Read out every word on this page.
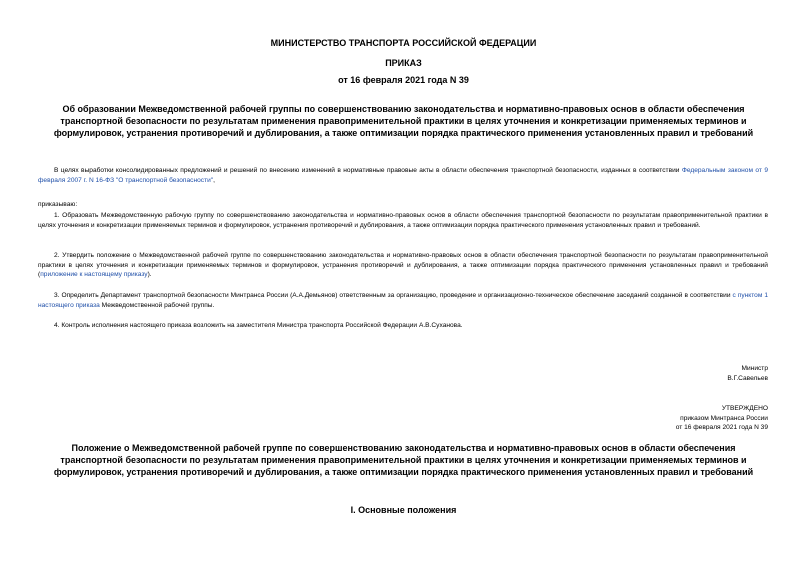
МИНИСТЕРСТВО ТРАНСПОРТА РОССИЙСКОЙ ФЕДЕРАЦИИ
ПРИКАЗ
от 16 февраля 2021 года N 39
Об образовании Межведомственной рабочей группы по совершенствованию законодательства и нормативно-правовых основ в области обеспечения транспортной безопасности по результатам применения правоприменительной практики в целях уточнения и конкретизации применяемых терминов и формулировок, устранения противоречий и дублирования, а также оптимизации порядка практического применения установленных правил и требований
В целях выработки консолидированных предложений и решений по внесению изменений в нормативные правовые акты в области обеспечения транспортной безопасности, изданных в соответствии Федеральным законом от 9 февраля 2007 г. N 16-ФЗ "О транспортной безопасности",
приказываю:
1. Образовать Межведомственную рабочую группу по совершенствованию законодательства и нормативно-правовых основ в области обеспечения транспортной безопасности по результатам правоприменительной практики в целях уточнения и конкретизации применяемых терминов и формулировок, устранения противоречий и дублирования, а также оптимизации порядка практического применения установленных правил и требований.
2. Утвердить положение о Межведомственной рабочей группе по совершенствованию законодательства и нормативно-правовых основ в области обеспечения транспортной безопасности по результатам правоприменительной практики в целях уточнения и конкретизации применяемых терминов и формулировок, устранения противоречий и дублирования, а также оптимизации порядка практического применения установленных правил и требований (приложение к настоящему приказу).
3. Определить Департамент транспортной безопасности Минтранса России (А.А.Демьянов) ответственным за организацию, проведение и организационно-техническое обеспечение заседаний созданной в соответствии с пунктом 1 настоящего приказа Межведомственной рабочей группы.
4. Контроль исполнения настоящего приказа возложить на заместителя Министра транспорта Российской Федерации А.В.Суханова.
Министр
В.Г.Савельев
УТВЕРЖДЕНО
приказом Минтранса России
от 16 февраля 2021 года N 39
Положение о Межведомственной рабочей группе по совершенствованию законодательства и нормативно-правовых основ в области обеспечения транспортной безопасности по результатам применения правоприменительной практики в целях уточнения и конкретизации применяемых терминов и формулировок, устранения противоречий и дублирования, а также оптимизации порядка практического применения установленных правил и требований
I. Основные положения
